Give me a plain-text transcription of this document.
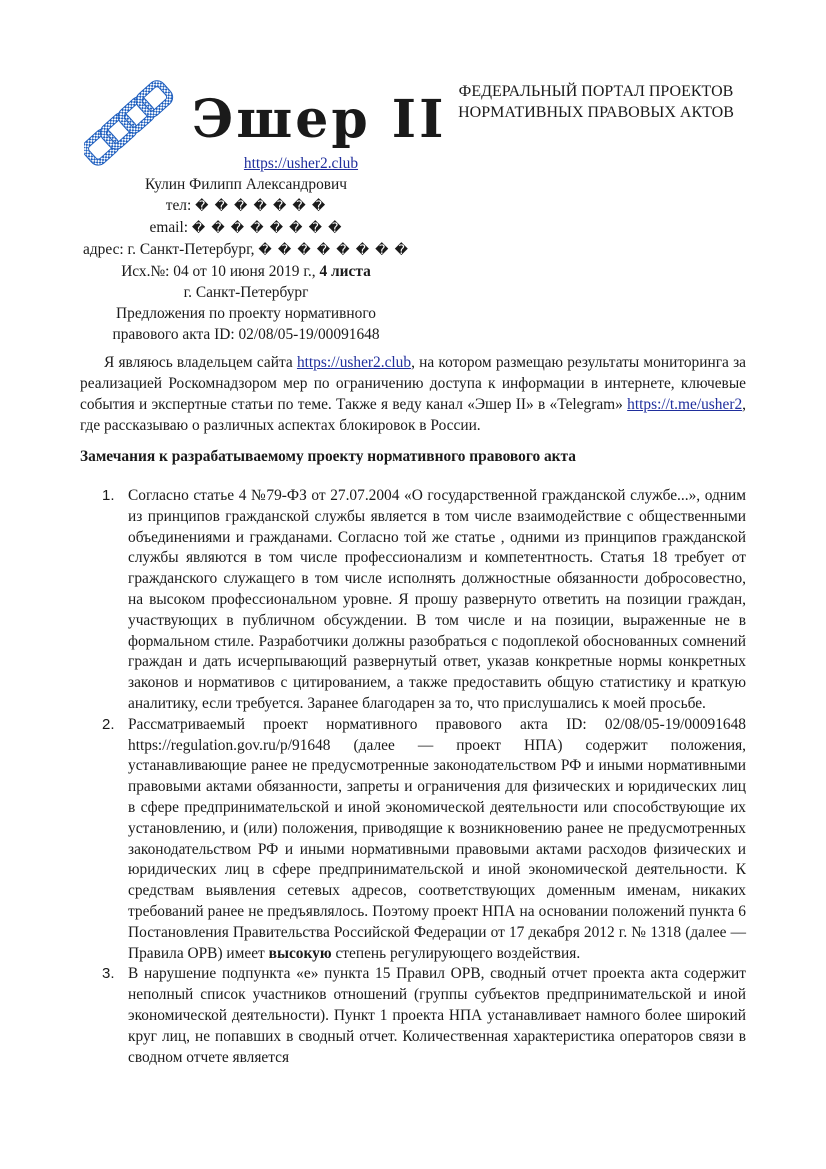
Эшер II ФЕДЕРАЛЬНЫЙ ПОРТАЛ ПРОЕКТОВ
НОРМАТИВНЫХ ПРАВОВЫХ АКТОВ
https://usher2.club
Кулин Филипп Александрович
тел: � � � � � � �
email: � � � � � � � �
адрес: г. Санкт-Петербург, � � � � � � � �
Исх.№: 04 от 10 июня 2019 г., 4 листа
г. Санкт-Петербург
Предложения по проекту нормативного
правового акта ID: 02/08/05-19/00091648

Я являюсь владельцем сайта https://usher2.club, на котором размещаю результаты мониторинга за реализацией Роскомнадзором мер по ограничению доступа к информации в интернете, ключевые события и экспертные статьи по теме. Также я веду канал «Эшер II» в «Telegram» https://t.me/usher2, где рассказываю о различных аспектах блокировок в России.

Замечания к разрабатываемому проекту нормативного правового акта
1. Согласно статье 4 №79-ФЗ от 27.07.2004 «О государственной гражданской службе...», одним из принципов гражданской службы является в том числе взаимодействие с общественными объединениями и гражданами. Согласно той же статье , одними из принципов гражданской службы являются в том числе профессионализм и компетентность. Статья 18 требует от гражданского служащего в том числе исполнять должностные обязанности добросовестно, на высоком профессиональном уровне. Я прошу развернуто ответить на позиции граждан, участвующих в публичном обсуждении. В том числе и на позиции, выраженные не в формальном стиле. Разработчики должны разобраться с подоплекой обоснованных сомнений граждан и дать исчерпывающий развернутый ответ, указав конкретные нормы конкретных законов и нормативов с цитированием, а также предоставить общую статистику и краткую аналитику, если требуется. Заранее благодарен за то, что прислушались к моей просьбе.
2. Рассматриваемый проект нормативного правового акта ID: 02/08/05-19/00091648 https://regulation.gov.ru/p/91648 (далее — проект НПА) содержит положения, устанавливающие ранее не предусмотренные законодательством РФ и иными нормативными правовыми актами обязанности, запреты и ограничения для физических и юридических лиц в сфере предпринимательской и иной экономической деятельности или способствующие их установлению, и (или) положения, приводящие к возникновению ранее не предусмотренных законодательством РФ и иными нормативными правовыми актами расходов физических и юридических лиц в сфере предпринимательской и иной экономической деятельности. К средствам выявления сетевых адресов, соответствующих доменным именам, никаких требований ранее не предъявлялось. Поэтому проект НПА на основании положений пункта 6 Постановления Правительства Российской Федерации от 17 декабря 2012 г. № 1318 (далее — Правила ОРВ) имеет высокую степень регулирующего воздействия.
3. В нарушение подпункта «е» пункта 15 Правил ОРВ, сводный отчет проекта акта содержит неполный список участников отношений (группы субъектов предпринимательской и иной экономической деятельности). Пункт 1 проекта НПА устанавливает намного более широкий круг лиц, не попавших в сводный отчет. Количественная характеристика операторов связи в сводном отчете является
